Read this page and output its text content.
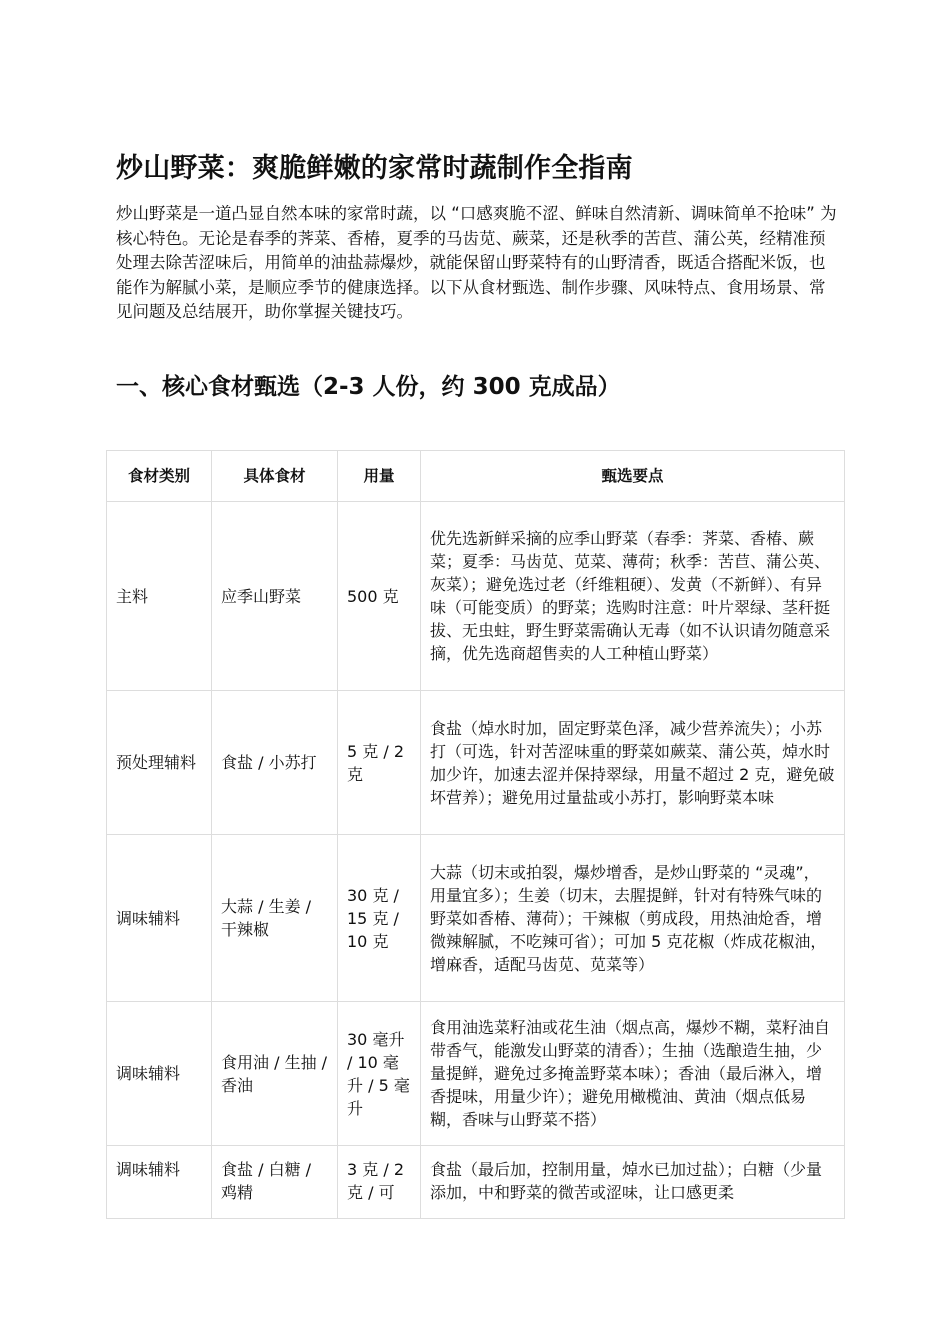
炒山野菜：爽脆鲜嫩的家常时蔬制作全指南

炒山野菜是一道凸显自然本味的家常时蔬，以 “口感爽脆不涩、鲜味自然清新、调味简单不抢味” 为核心特色。无论是春季的荠菜、香椿，夏季的马齿苋、蕨菜，还是秋季的苦苣、蒲公英，经精准预处理去除苦涩味后，用简单的油盐蒜爆炒，就能保留山野菜特有的山野清香，既适合搭配米饭，也能作为解腻小菜，是顺应季节的健康选择。以下从食材甄选、制作步骤、风味特点、食用场景、常见问题及总结展开，助你掌握关键技巧。

一、核心食材甄选（2-3 人份，约 300 克成品）
食材类别	具体食材	用量	甄选要点
主料	应季山野菜	500 克	优先选新鲜采摘的应季山野菜（春季：荠菜、香椿、蕨菜；夏季：马齿苋、苋菜、薄荷；秋季：苦苣、蒲公英、灰菜）；避免选过老（纤维粗硬）、发黄（不新鲜）、有异味（可能变质）的野菜；选购时注意：叶片翠绿、茎秆挺拔、无虫蛀，野生野菜需确认无毒（如不认识请勿随意采摘，优先选商超售卖的人工种植山野菜）
预处理辅料	食盐 / 小苏打	5 克 / 2 克	食盐（焯水时加，固定野菜色泽，减少营养流失）；小苏打（可选，针对苦涩味重的野菜如蕨菜、蒲公英，焯水时加少许，加速去涩并保持翠绿，用量不超过 2 克，避免破坏营养）；避免用过量盐或小苏打，影响野菜本味
调味辅料	大蒜 / 生姜 / 干辣椒	30 克 / 15 克 / 10 克	大蒜（切末或拍裂，爆炒增香，是炒山野菜的 “灵魂”，用量宜多）；生姜（切末，去腥提鲜，针对有特殊气味的野菜如香椿、薄荷）；干辣椒（剪成段，用热油炝香，增微辣解腻，不吃辣可省）；可加 5 克花椒（炸成花椒油，增麻香，适配马齿苋、苋菜等）
调味辅料	食用油 / 生抽 / 香油	30 毫升 / 10 毫升 / 5 毫升	食用油选菜籽油或花生油（烟点高，爆炒不糊，菜籽油自带香气，能激发山野菜的清香）；生抽（选酿造生抽，少量提鲜，避免过多掩盖野菜本味）；香油（最后淋入，增香提味，用量少许）；避免用橄榄油、黄油（烟点低易糊，香味与山野菜不搭）

调味辅料	食盐 / 白糖 / 鸡精	3 克 / 2 克 / 可	食盐（最后加，控制用量，焯水已加过盐）；白糖（少量添加，中和野菜的微苦或涩味，让口感更柔
